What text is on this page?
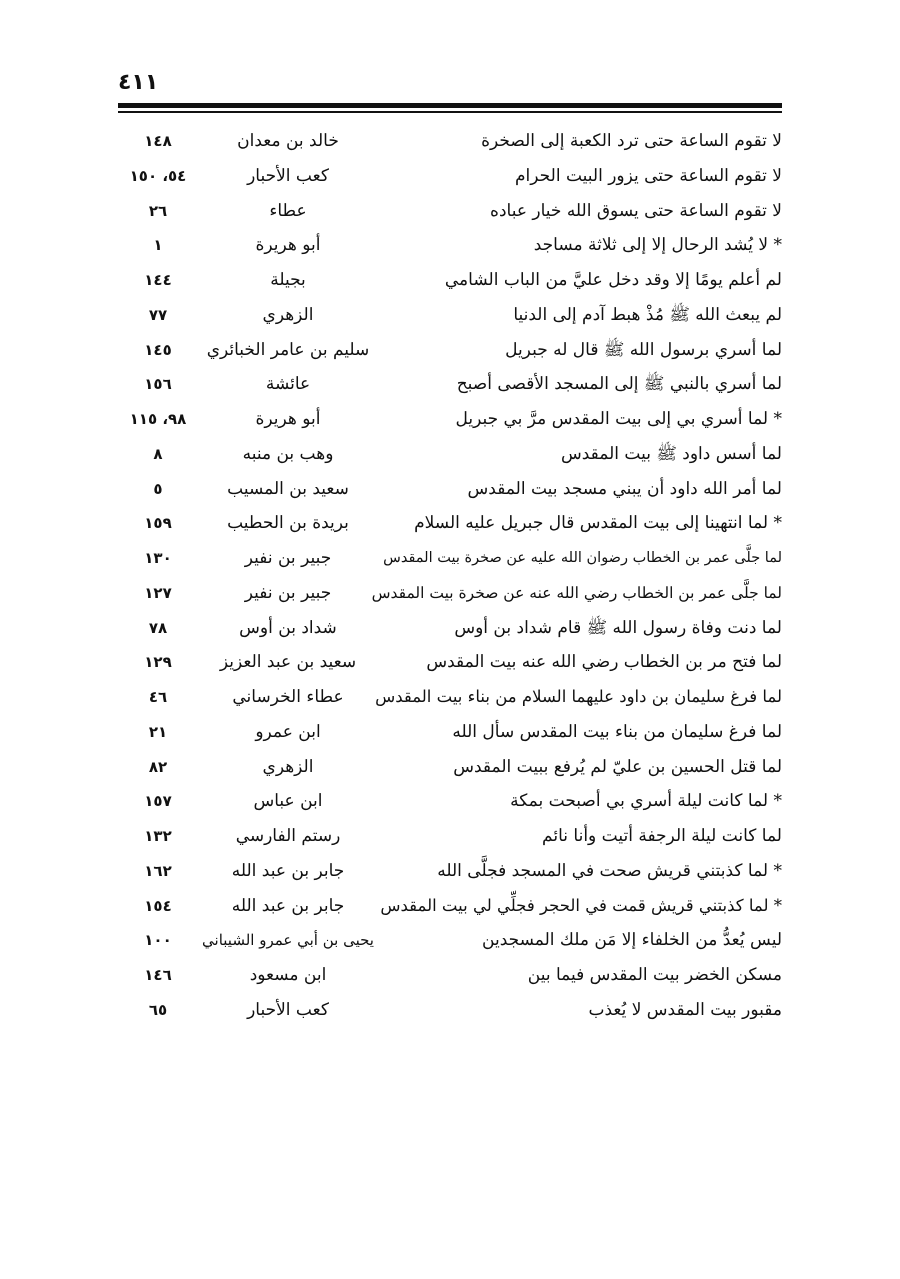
٤١١
لا تقوم الساعة حتى ترد الكعبة إلى الصخرة
خالد بن معدان
١٤٨
لا تقوم الساعة حتى يزور البيت الحرام
كعب الأحبار
٥٤، ١٥٠
لا تقوم الساعة حتى يسوق الله خيار عباده
عطاء
٢٦
* لا يُشد الرحال إلا إلى ثلاثة مساجد
أبو هريرة
١
لم أعلم يومًا إلا وقد دخل عليَّ من الباب الشامي
بجيلة
١٤٤
لم يبعث الله ﷺ مُذْ هبط آدم إلى الدنيا
الزهري
٧٧
لما أسري برسول الله ﷺ قال له جبريل
سليم بن عامر الخبائري
١٤٥
لما أسري بالنبي ﷺ إلى المسجد الأقصى أصبح
عائشة
١٥٦
* لما أسري بي إلى بيت المقدس مرَّ بي جبريل
أبو هريرة
٩٨، ١١٥
لما أسس داود ﷺ بيت المقدس
وهب بن منبه
٨
لما أمر الله داود أن يبني مسجد بيت المقدس
سعيد بن المسيب
٥
* لما انتهينا إلى بيت المقدس قال جبريل عليه السلام
بريدة بن الحطيب
١٥٩
لما جلَّى عمر بن الخطاب رضوان الله عليه عن صخرة بيت المقدس
جبير بن نفير
١٣٠
لما جلَّى عمر بن الخطاب رضي الله عنه عن صخرة بيت المقدس
جبير بن نفير
١٢٧
لما دنت وفاة رسول الله ﷺ قام شداد بن أوس
شداد بن أوس
٧٨
لما فتح مر بن الخطاب رضي الله عنه بيت المقدس
سعيد بن عبد العزيز
١٢٩
لما فرغ سليمان بن داود عليهما السلام من بناء بيت المقدس
عطاء الخرساني
٤٦
لما فرغ سليمان من بناء بيت المقدس سأل الله
ابن عمرو
٢١
لما قتل الحسين بن عليّ لم يُرفع ببيت المقدس
الزهري
٨٢
* لما كانت ليلة أسري بي أصبحت بمكة
ابن عباس
١٥٧
لما كانت ليلة الرجفة أتيت وأنا نائم
رستم الفارسي
١٣٢
* لما كذبتني قريش صحت في المسجد فجلَّى الله
جابر بن عبد الله
١٦٢
* لما كذبتني قريش قمت في الحجر فجلِّي لي بيت المقدس
جابر بن عبد الله
١٥٤
ليس يُعدُّ من الخلفاء إلا مَن ملك المسجدين
يحيى بن أبي عمرو الشيباني
١٠٠
مسكن الخضر بيت المقدس فيما بين
ابن مسعود
١٤٦
مقبور بيت المقدس لا يُعذب
كعب الأحبار
٦٥
